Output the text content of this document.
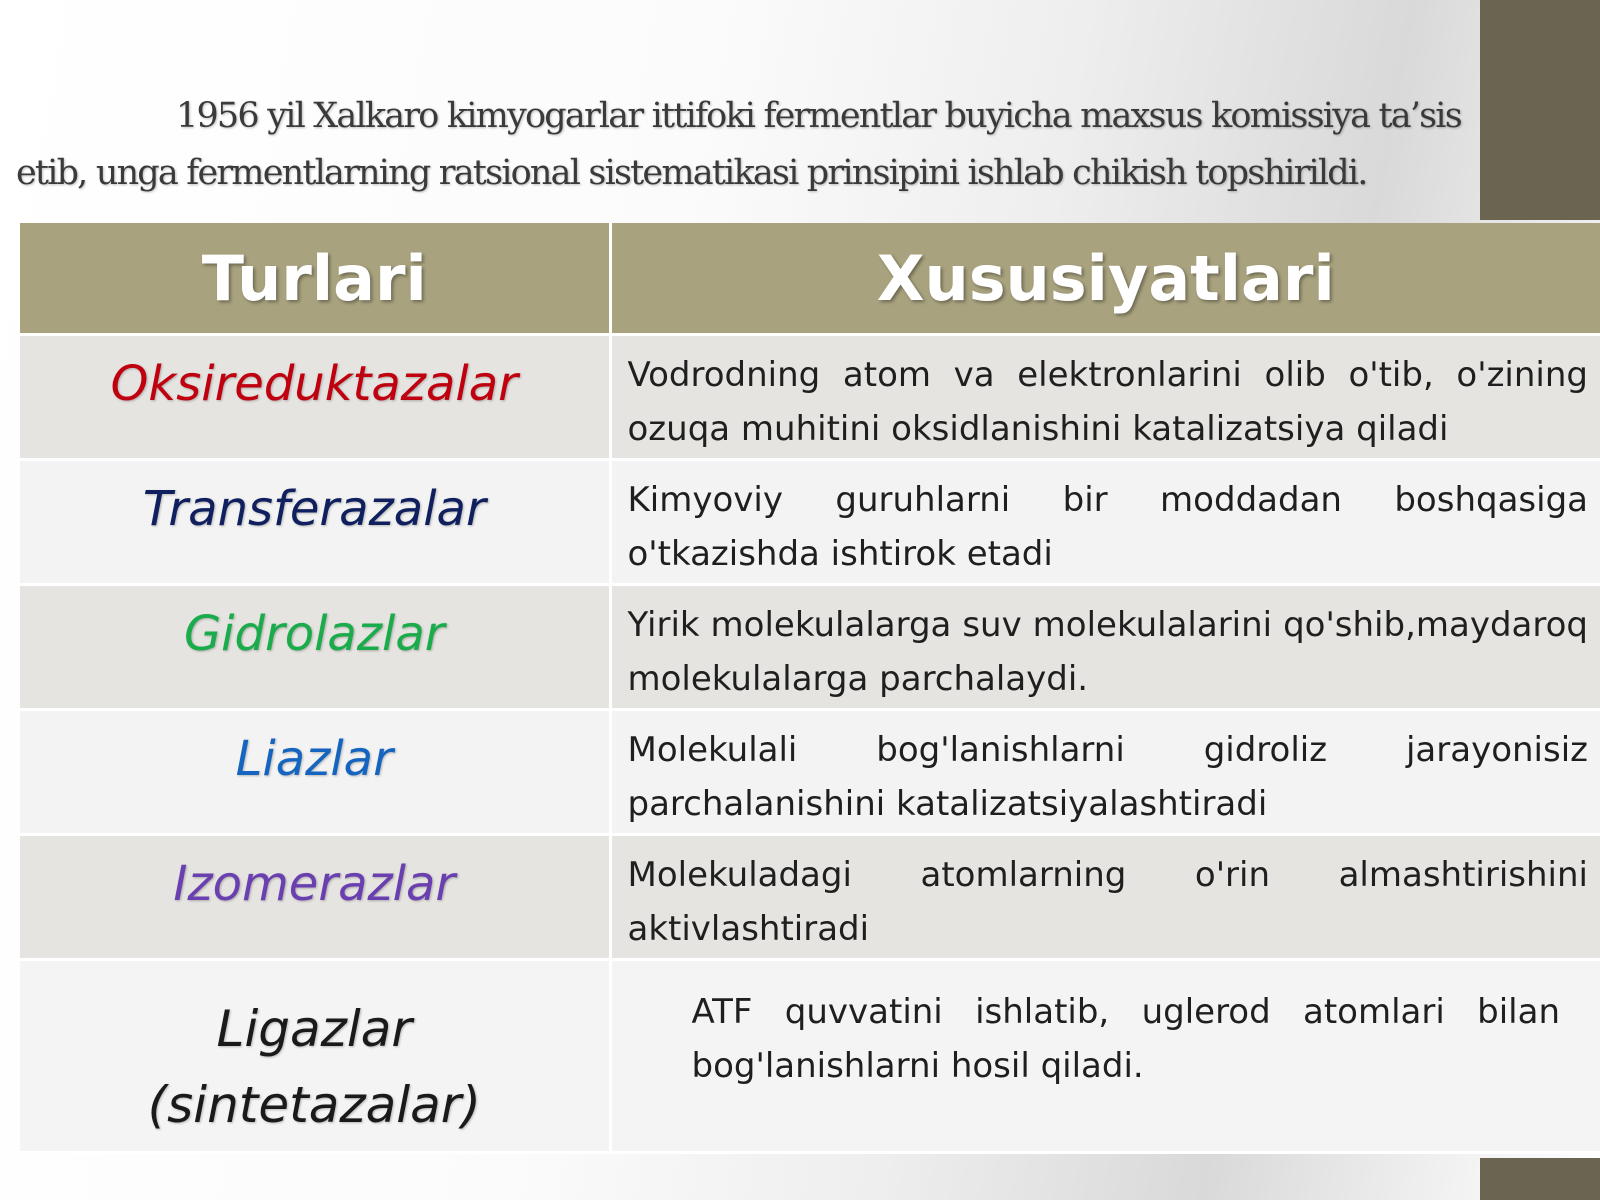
1956 yil Xalkaro kimyogarlar ittifoki fermentlar buyicha maxsus komissiya ta’sis etib, unga fermentlarning ratsional sistematikasi prinsipini ishlab chikish topshirildi.
Turlari	Xususiyatlari

Oksireduktazalar	Vodrodning atom va elektronlarini olib o'tib, o'zining ozuqa muhitini oksidlanishini katalizatsiya qiladi

Transferazalar	Kimyoviy guruhlarni bir moddadan boshqasiga o'tkazishda ishtirok etadi

Gidrolazlar	Yirik molekulalarga suv molekulalarini qo'shib,maydaroq molekulalarga parchalaydi.

Liazlar	Molekulali bog'lanishlarni gidroliz jarayonisiz parchalanishini katalizatsiyalashtiradi

Izomerazlar	Molekuladagi atomlarning o'rin almashtirishini aktivlashtiradi

Ligazlar
(sintetazalar)	ATF quvvatini ishlatib, uglerod atomlari bilan bog'lanishlarni hosil qiladi.
